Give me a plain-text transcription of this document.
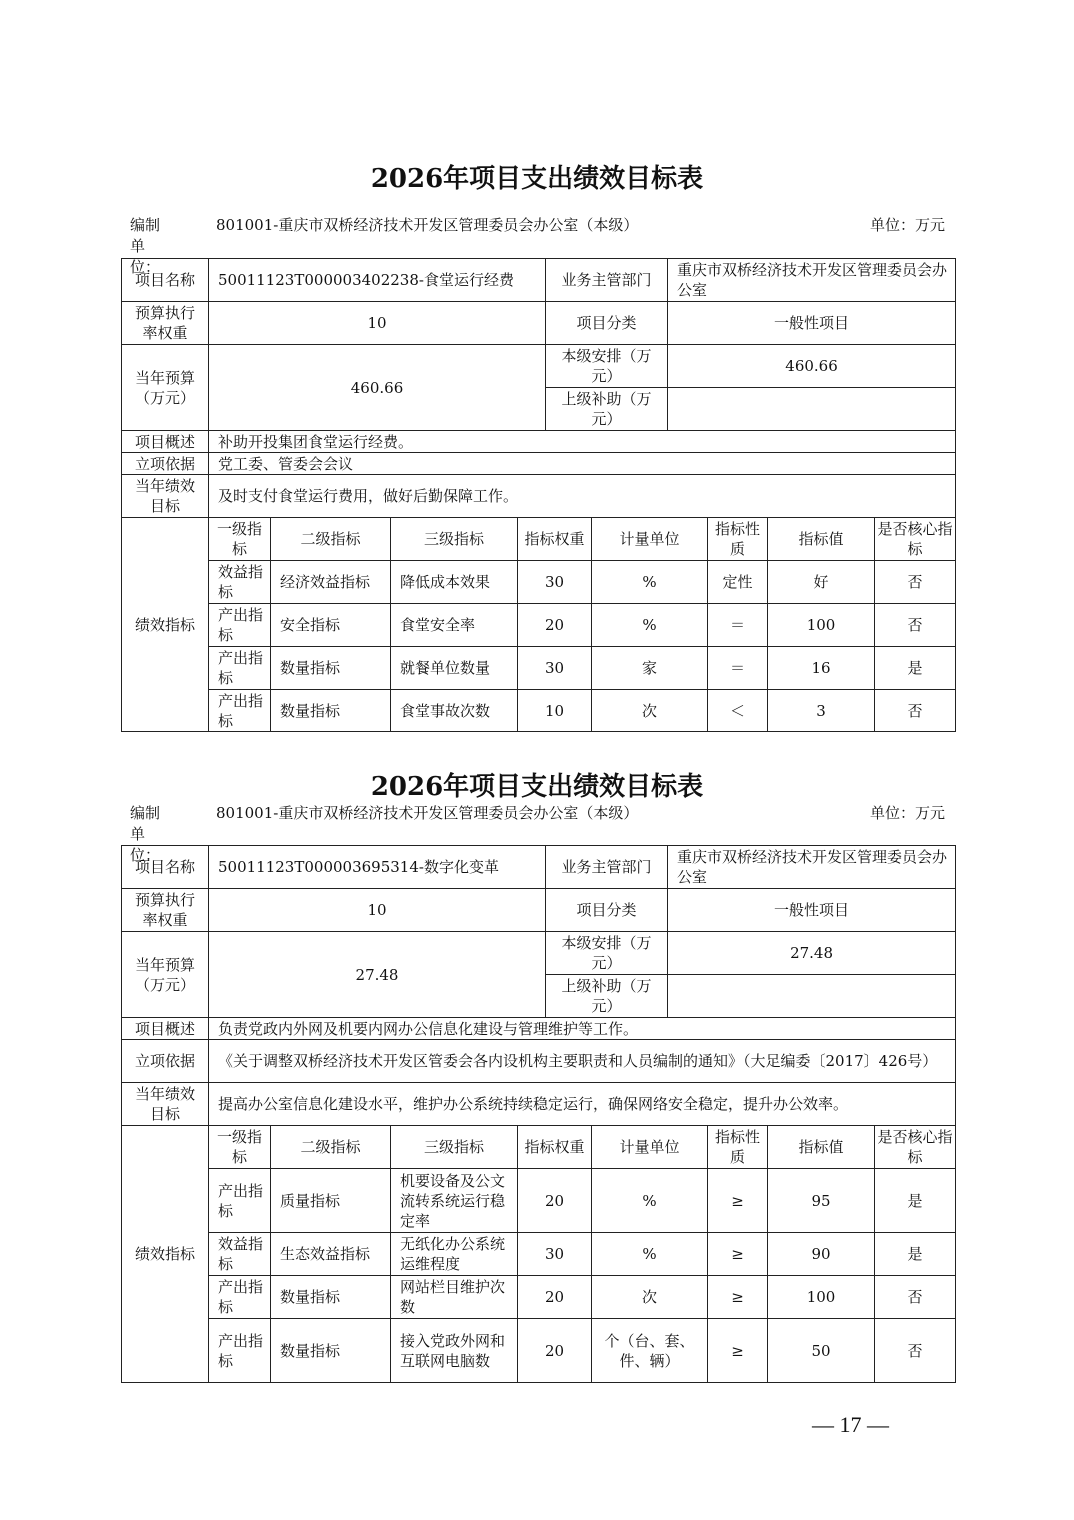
— 17 —
2026年项目支出绩效目标表
编制单位：
801001-重庆市双桥经济技术开发区管理委员会办公室（本级）	单位：万元
项目名称	50011123T000003402238-食堂运行经费				业务主管部门		重庆市双桥经济技术开发区管理委员会办公室			
预算执行率权重	10				项目分类		一般性项目			
当年预算（万元）	460.66				本级安排（万元）		460.66			
					上级补助（万元）					
项目概述	补助开投集团食堂运行经费。									
立项依据	党工委、管委会会议									
当年绩效目标	及时支付食堂运行费用，做好后勤保障工作。									
绩效指标	一级指标	二级指标	三级指标	指标权重		计量单位		指标性质	指标值	是否核心指标
	效益指标	经济效益指标	降低成本效果	30		%		定性	好	否
	产出指标	安全指标	食堂安全率	20		%		＝	100	否
	产出指标	数量指标	就餐单位数量	30		家		＝	16	是
	产出指标	数量指标	食堂事故次数	10		次		＜	3	否
2026年项目支出绩效目标表
编制单位：
801001-重庆市双桥经济技术开发区管理委员会办公室（本级）	单位：万元
项目名称	50011123T000003695314-数字化变革				业务主管部门		重庆市双桥经济技术开发区管理委员会办公室			
预算执行率权重	10				项目分类		一般性项目			
当年预算（万元）	27.48				本级安排（万元）		27.48			
					上级补助（万元）					
项目概述	负责党政内外网及机要内网办公信息化建设与管理维护等工作。									
立项依据	《关于调整双桥经济技术开发区管委会各内设机构主要职责和人员编制的通知》（大足编委〔2017〕426号）									
当年绩效目标	提高办公室信息化建设水平，维护办公系统持续稳定运行，确保网络安全稳定，提升办公效率。									
绩效指标	一级指标	二级指标	三级指标	指标权重		计量单位		指标性质	指标值	是否核心指标
	产出指标	质量指标	机要设备及公文流转系统运行稳定率	20		%		≥	95	是
	效益指标	生态效益指标	无纸化办公系统运维程度	30		%		≥	90	是
	产出指标	数量指标	网站栏目维护次数	20		次		≥	100	否
	产出指标	数量指标	接入党政外网和互联网电脑数	20		个（台、套、件、辆）		≥	50	否
